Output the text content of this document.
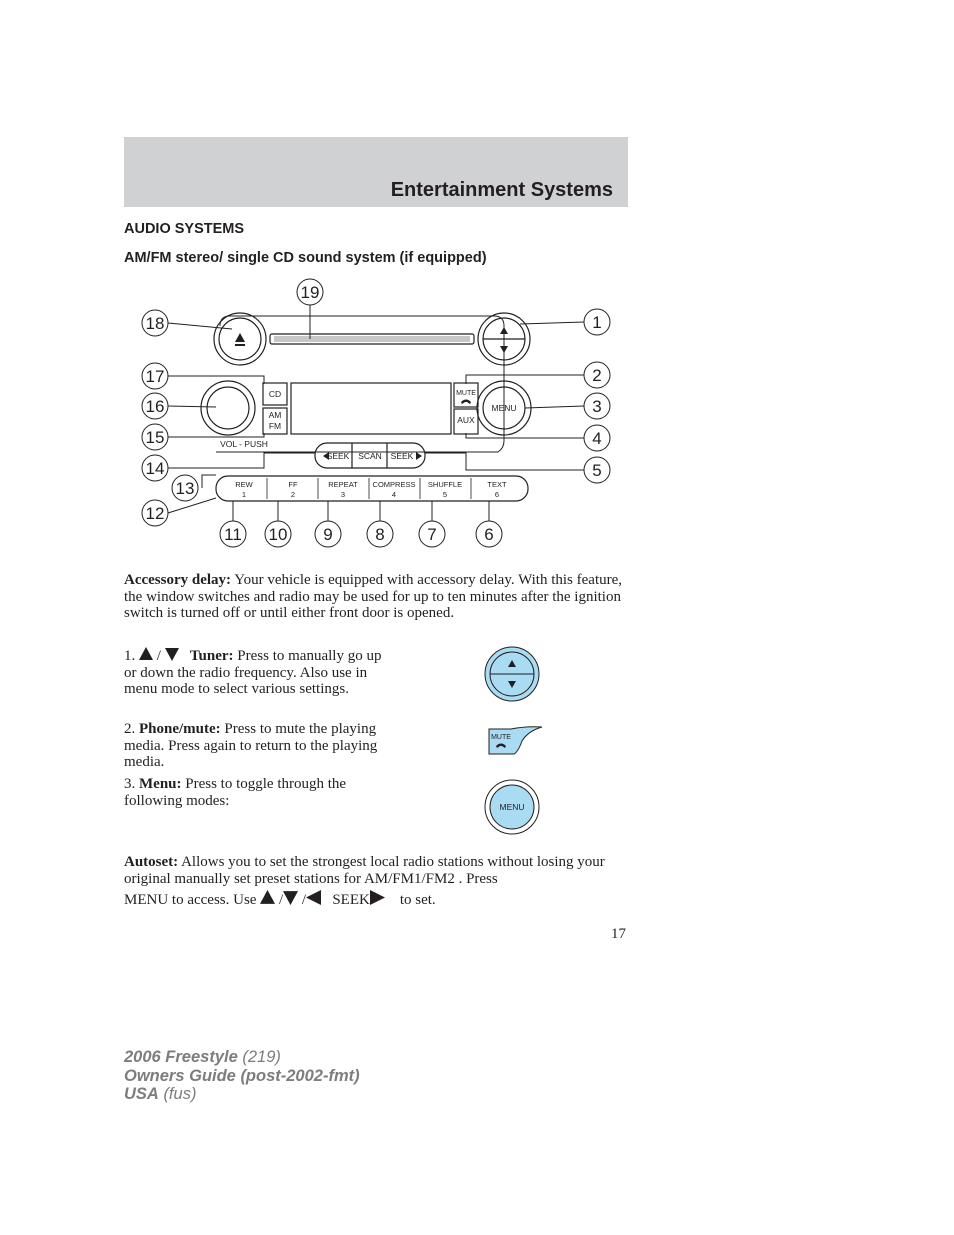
Entertainment Systems
AUDIO SYSTEMS
AM/FM stereo/ single CD sound system (if equipped)
1
2
3
4
5
6
7
8
9
10
11
12
13
14
15
16
17
18
19
CD
AM
FM
VOL - PUSH
MUTE
MENU
AUX
SEEK SCAN SEEK
REW
1
FF
2
REPEAT
3
COMPRESS
4
SHUFFLE
5
TEXT
6
Accessory delay: Your vehicle is equipped with accessory delay. With this feature, the window switches and radio may be used for up to ten minutes after the ignition switch is turned off or until either front door is opened.
1.  /    Tuner: Press to manually go up or down the radio frequency. Also use in menu mode to select various settings.
2. Phone/mute: Press to mute the playing media. Press again to return to the playing media.
3. Menu: Press to toggle through the following modes:
MUTE
MENU
Autoset: Allows you to set the strongest local radio stations without losing your original manually set preset stations for AM/FM1/FM2 . Press
MENU to access. Use  / / SEEK to set.
17
2006 Freestyle (219)
Owners Guide (post-2002-fmt)
USA (fus)
